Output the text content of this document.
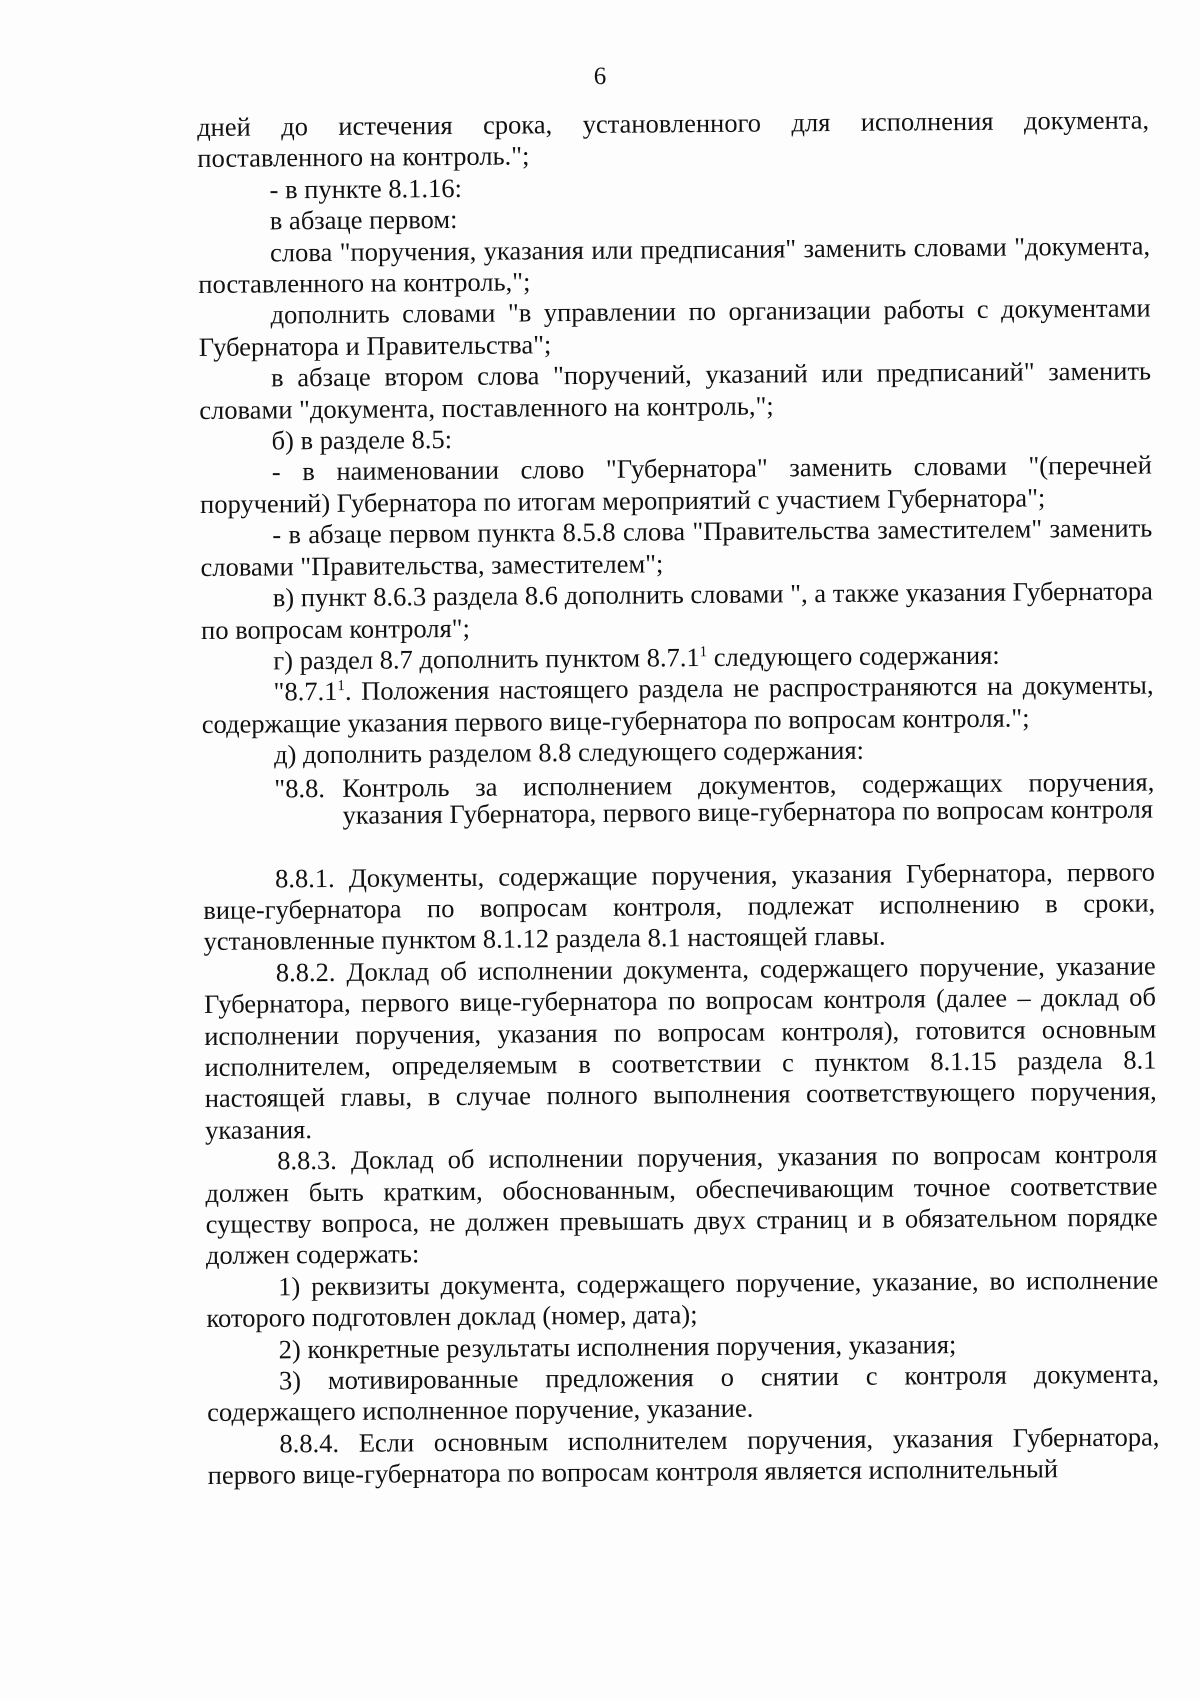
6

дней до истечения срока, установленного для исполнения документа, поставленного на контроль.";

- в пункте 8.1.16:

в абзаце первом:

слова "поручения, указания или предписания" заменить словами "документа, поставленного на контроль,";

дополнить словами "в управлении по организации работы с документами Губернатора и Правительства";

в абзаце втором слова "поручений, указаний или предписаний" заменить словами "документа, поставленного на контроль,";

б) в разделе 8.5:

- в наименовании слово "Губернатора" заменить словами "(перечней поручений) Губернатора по итогам мероприятий с участием Губернатора";

- в абзаце первом пункта 8.5.8 слова "Правительства заместителем" заменить словами "Правительства, заместителем";

в) пункт 8.6.3 раздела 8.6 дополнить словами ", а также указания Губернатора по вопросам контроля";

г) раздел 8.7 дополнить пунктом 8.7.1$^1$ следующего содержания:

"8.7.1$^1$. Положения настоящего раздела не распространяются на документы, содержащие указания первого вице-губернатора по вопросам контроля.";

д) дополнить разделом 8.8 следующего содержания:

"8.8. Контроль за исполнением документов, содержащих поручения, указания Губернатора, первого вице-губернатора по вопросам контроля

8.8.1. Документы, содержащие поручения, указания Губернатора, первого вице-губернатора по вопросам контроля, подлежат исполнению в сроки, установленные пунктом 8.1.12 раздела 8.1 настоящей главы.

8.8.2. Доклад об исполнении документа, содержащего поручение, указание Губернатора, первого вице-губернатора по вопросам контроля (далее – доклад об исполнении поручения, указания по вопросам контроля), готовится основным исполнителем, определяемым в соответствии с пунктом 8.1.15 раздела 8.1 настоящей главы, в случае полного выполнения соответствующего поручения, указания.

8.8.3. Доклад об исполнении поручения, указания по вопросам контроля должен быть кратким, обоснованным, обеспечивающим точное соответствие существу вопроса, не должен превышать двух страниц и в обязательном порядке должен содержать:

1) реквизиты документа, содержащего поручение, указание, во исполнение которого подготовлен доклад (номер, дата);

2) конкретные результаты исполнения поручения, указания;

3) мотивированные предложения о снятии с контроля документа, содержащего исполненное поручение, указание.

8.8.4. Если основным исполнителем поручения, указания Губернатора, первого вице-губернатора по вопросам контроля является исполнительный
